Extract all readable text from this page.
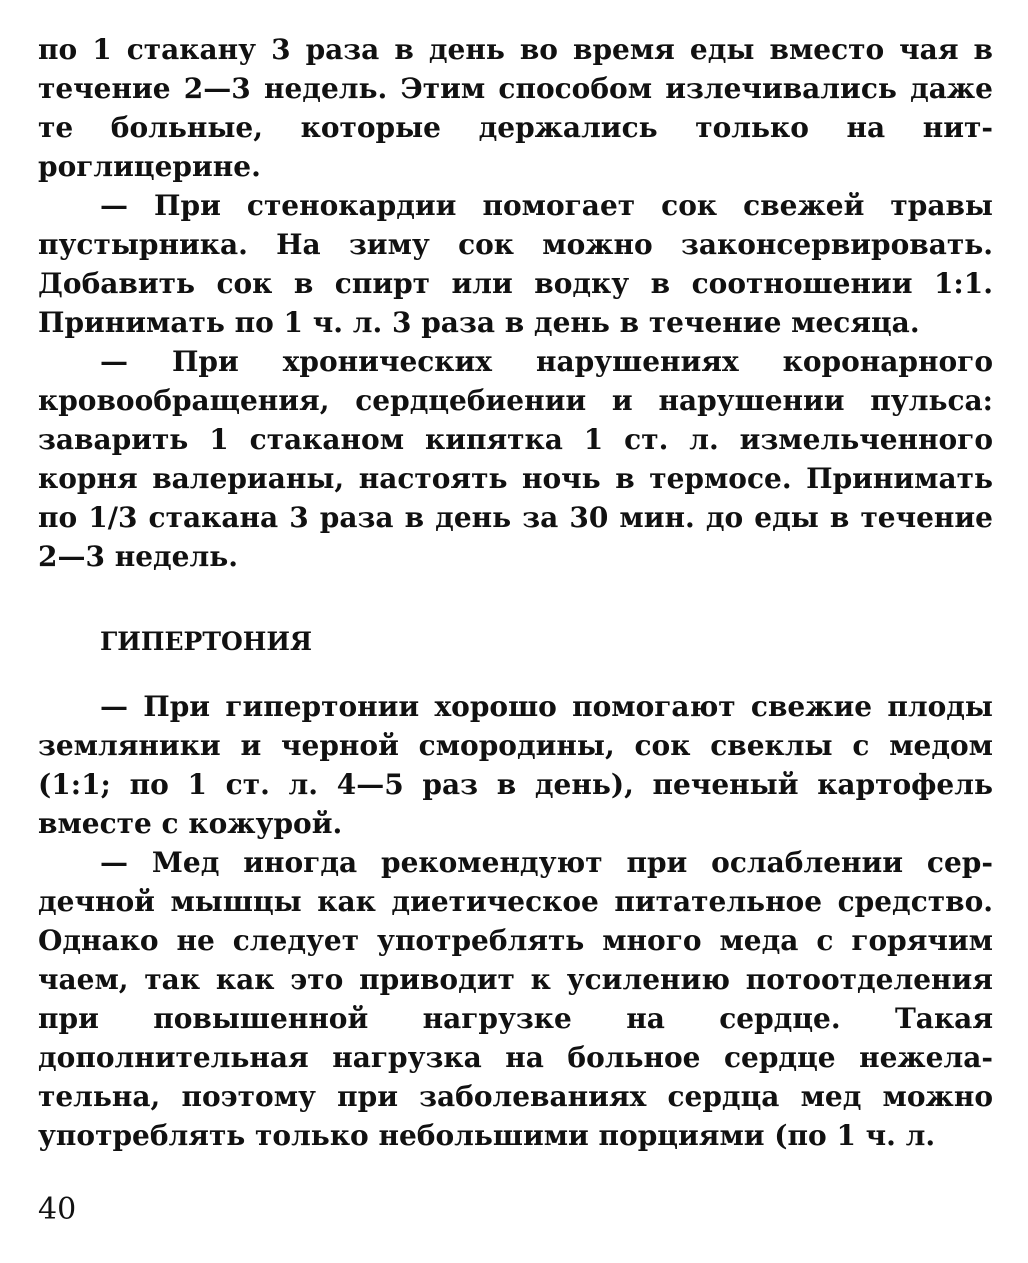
по 1 стакану 3 раза в день во время еды вместо чая в течение 2—3 недель. Этим способом излечивались даже те больные, которые держались только на нитроглицерине.

— При стенокардии помогает сок свежей травы пустырника. На зиму сок можно законсервировать. Добавить сок в спирт или водку в соотношении 1:1. Принимать по 1 ч. л. 3 раза в день в течение месяца.

— При хронических нарушениях коронарного кровообращения, сердцебиении и нарушении пульса: заварить 1 стаканом кипятка 1 ст. л. измельченного корня валерианы, настоять ночь в термосе. Принимать по 1/3 стакана 3 раза в день за 30 мин. до еды в течение 2—3 недель.

ГИПЕРТОНИЯ

— При гипертонии хорошо помогают свежие плоды земляники и черной смородины, сок свеклы с медом (1:1; по 1 ст. л. 4—5 раз в день), печеный картофель вместе с кожурой.

— Мед иногда рекомендуют при ослаблении сердечной мышцы как диетическое питательное средство. Однако не следует употреблять много меда с горячим чаем, так как это приводит к усилению потоотделения при повышенной нагрузке на сердце. Такая дополнительная нагрузка на больное сердце нежелательна, поэтому при заболеваниях сердца мед можно употреблять только небольшими порциями (по 1 ч. л.

40
